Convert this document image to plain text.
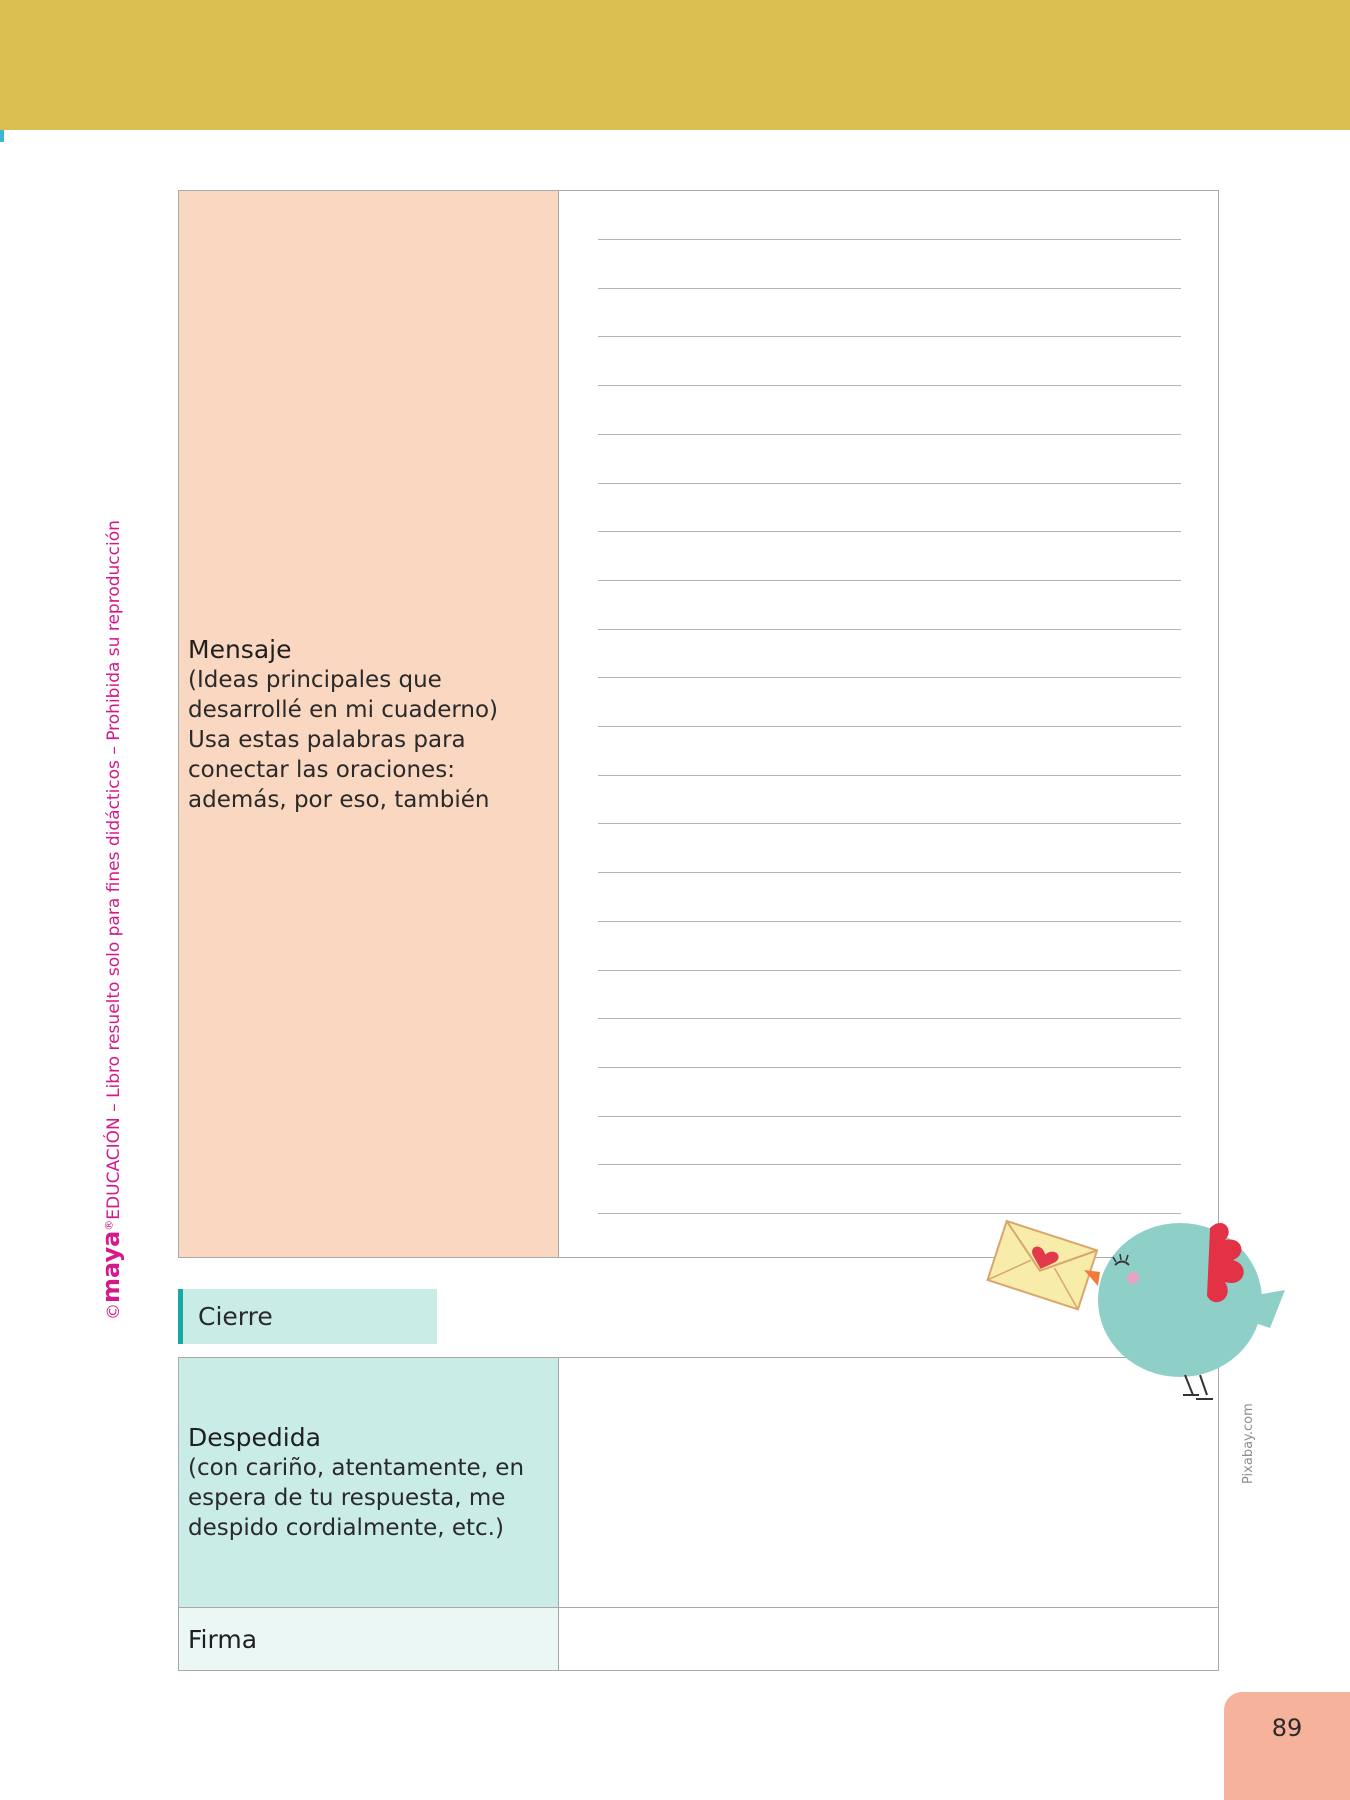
©maya®EDUCACIÓN – Libro resuelto solo para fines didácticos – Prohibida su reproducción	Mensaje
(Ideas principales que
desarrollé en mi cuaderno)
Usa estas palabras para
conectar las oraciones:
además, por eso, también
Cierre
Despedida
(con cariño, atentamente, en
espera de tu respuesta, me
despido cordialmente, etc.)
Firma
Pixabay.com
89
